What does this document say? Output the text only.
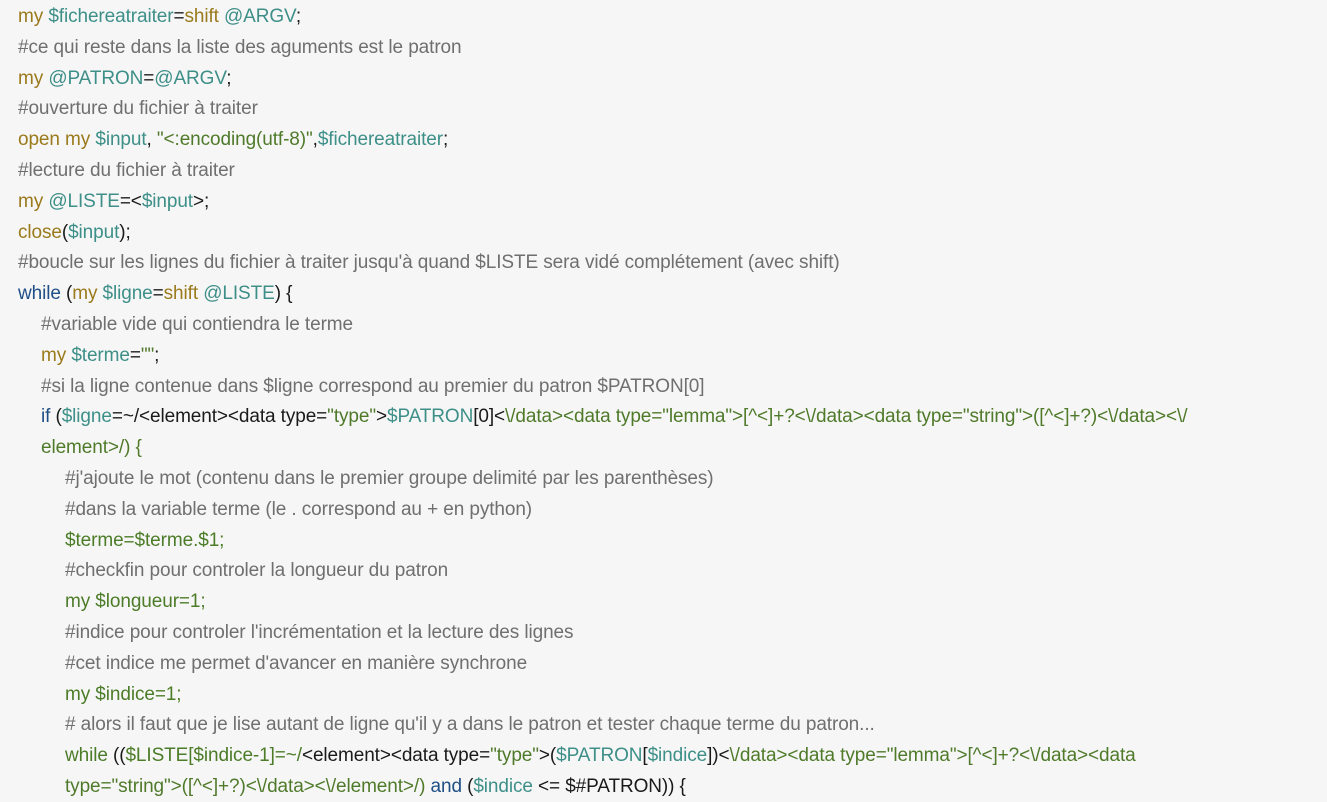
my $fichereatraiter=shift @ARGV;
#ce qui reste dans la liste des aguments est le patron
my @PATRON=@ARGV;
#ouverture du fichier à traiter
open my $input, "<:encoding(utf-8)",$fichereatraiter;
#lecture du fichier à traiter
my @LISTE=<$input>;
close($input);
#boucle sur les lignes du fichier à traiter jusqu'à quand $LISTE sera vidé complétement (avec shift)
while (my $ligne=shift @LISTE) {
#variable vide qui contiendra le terme
my $terme="";
#si la ligne contenue dans $ligne correspond au premier du patron $PATRON[0]
if ($ligne=~/<element><data type="type">$PATRON[0]<\/data><data type="lemma">[^<]+?<\/data><data type="string">([^<]+?)<\/data><\/
element>/) {
#j'ajoute le mot (contenu dans le premier groupe delimité par les parenthèses)
#dans la variable terme (le . correspond au + en python)
$terme=$terme.$1;
#checkfin pour controler la longueur du patron
my $longueur=1;
#indice pour controler l'incrémentation et la lecture des lignes
#cet indice me permet d'avancer en manière synchrone
my $indice=1;
# alors il faut que je lise autant de ligne qu'il y a dans le patron et tester chaque terme du patron...
while (($LISTE[$indice-1]=~/<element><data type="type">($PATRON[$indice])<\/data><data type="lemma">[^<]+?<\/data><data
type="string">([^<]+?)<\/data><\/element>/) and ($indice <= $#PATRON)) {
